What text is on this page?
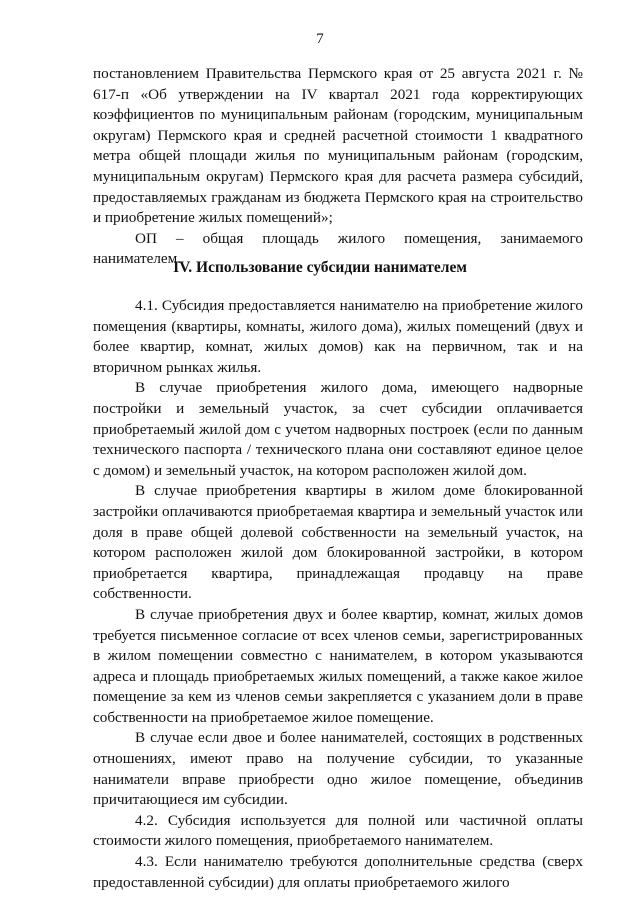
7

постановлением Правительства Пермского края от 25 августа 2021 г. № 617-п «Об утверждении на IV квартал 2021 года корректирующих коэффициентов по муниципальным районам (городским, муниципальным округам) Пермского края и средней расчетной стоимости 1 квадратного метра общей площади жилья по муниципальным районам (городским, муниципальным округам) Пермского края для расчета размера субсидий, предоставляемых гражданам из бюджета Пермского края на строительство и приобретение жилых помещений»;

ОП – общая площадь жилого помещения, занимаемого нанимателем.

IV. Использование субсидии нанимателем

4.1. Субсидия предоставляется нанимателю на приобретение жилого помещения (квартиры, комнаты, жилого дома), жилых помещений (двух и более квартир, комнат, жилых домов) как на первичном, так и на вторичном рынках жилья.

В случае приобретения жилого дома, имеющего надворные постройки и земельный участок, за счет субсидии оплачивается приобретаемый жилой дом с учетом надворных построек (если по данным технического паспорта / технического плана они составляют единое целое с домом) и земельный участок, на котором расположен жилой дом.

В случае приобретения квартиры в жилом доме блокированной застройки оплачиваются приобретаемая квартира и земельный участок или доля в праве общей долевой собственности на земельный участок, на котором расположен жилой дом блокированной застройки, в котором приобретается квартира, принадлежащая продавцу на праве собственности.

В случае приобретения двух и более квартир, комнат, жилых домов требуется письменное согласие от всех членов семьи, зарегистрированных в жилом помещении совместно с нанимателем, в котором указываются адреса и площадь приобретаемых жилых помещений, а также какое жилое помещение за кем из членов семьи закрепляется с указанием доли в праве собственности на приобретаемое жилое помещение.

В случае если двое и более нанимателей, состоящих в родственных отношениях, имеют право на получение субсидии, то указанные наниматели вправе приобрести одно жилое помещение, объединив причитающиеся им субсидии.

4.2. Субсидия используется для полной или частичной оплаты стоимости жилого помещения, приобретаемого нанимателем.

4.3. Если нанимателю требуются дополнительные средства (сверх предоставленной субсидии) для оплаты приобретаемого жилого
